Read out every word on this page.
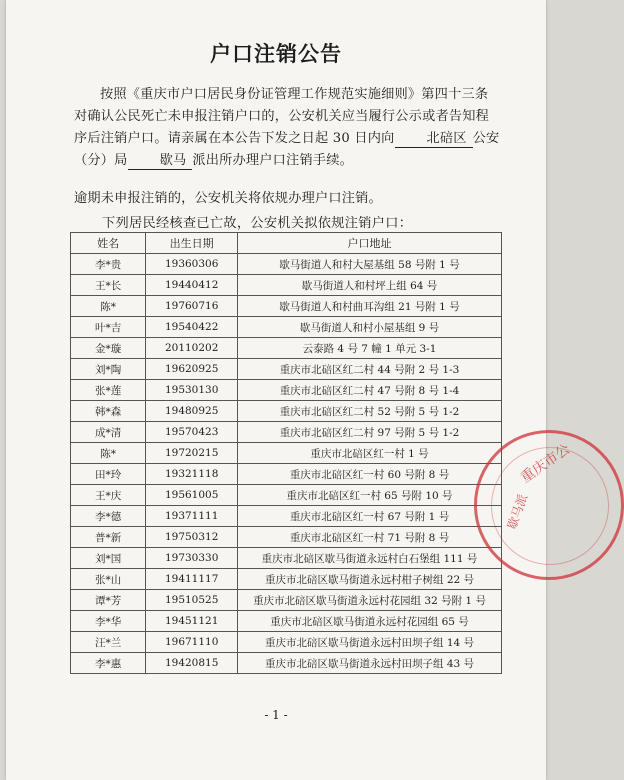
户口注销公告
按照《重庆市户口居民身份证管理工作规范实施细则》第四十三条 对确认公民死亡未申报注销户口的，公安机关应当履行公示或者告知程序后注销户口。请亲属在本公告下发之日起 30 日内向 北碚区 公安（分）局 歇马 派出所办理户口注销手续。
逾期未申报注销的，公安机关将依规办理户口注销。
下列居民经核查已亡故，公安机关拟依规注销户口：
姓名	出生日期	户口地址
李*贵	19360306	歇马街道人和村大屋基组 58 号附 1 号
王*长	19440412	歇马街道人和村坪上组 64 号
陈*	19760716	歇马街道人和村曲耳沟组 21 号附 1 号
叶*吉	19540422	歇马街道人和村小屋基组 9 号
金*璇	20110202	云泰路 4 号 7 幢 1 单元 3-1
刘*陶	19620925	重庆市北碚区红二村 44 号附 2 号 1-3
张*莲	19530130	重庆市北碚区红二村 47 号附 8 号 1-4
韩*森	19480925	重庆市北碚区红二村 52 号附 5 号 1-2
成*清	19570423	重庆市北碚区红二村 97 号附 5 号 1-2
陈*	19720215	重庆市北碚区红一村 1 号
田*玲	19321118	重庆市北碚区红一村 60 号附 8 号
王*庆	19561005	重庆市北碚区红一村 65 号附 10 号
李*德	19371111	重庆市北碚区红一村 67 号附 1 号
普*新	19750312	重庆市北碚区红一村 71 号附 8 号
刘*国	19730330	重庆市北碚区歇马街道永远村白石堡组 111 号
张*山	19411117	重庆市北碚区歇马街道永远村柑子树组 22 号
谭*芳	19510525	重庆市北碚区歇马街道永远村花园组 32 号附 1 号
李*华	19451121	重庆市北碚区歇马街道永远村花园组 65 号
汪*兰	19671110	重庆市北碚区歇马街道永远村田坝子组 14 号
李*惠	19420815	重庆市北碚区歇马街道永远村田坝子组 43 号
- 1 -
重庆市公
歇马派
